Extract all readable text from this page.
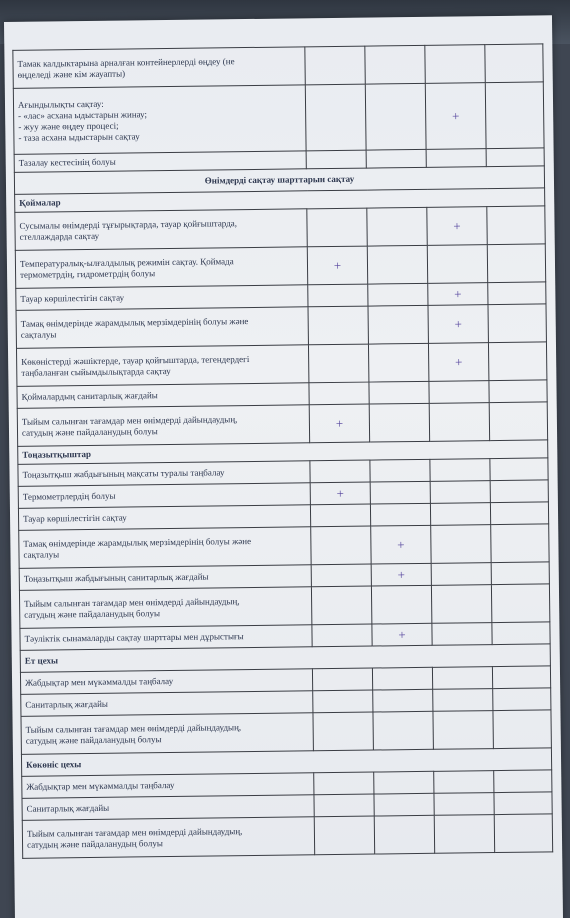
Тамак калдыктарына арналған контейнерлерді өңдеу (не
өңделеді және кім жауапты)				
Ағындылықты сақтау:
- «лас» асхана ыдыстарын жинау;
- жуу және өңдеу процесі;
- таза асхана ыдыстарын сақтау			+	
Тазалау кестесінің болуы				
Өнімдерді сақтау шарттарын сақтау				
Қоймалар				
Сусымалы өнімдерді тұғырықтарда, тауар қойғыштарда,
стеллаждарда сақтау			+	
Температуралық-ылғалдылық режимін сақтау. Қоймада
термометрдің, гидрометрдің болуы	+			
Тауар көршілестігін сақтау			+	
Тамақ өнімдерінде жарамдылық мерзімдерінің болуы және
сақталуы			+	
Көкөністерді жәшіктерде, тауар қойғыштарда, тегендердегі
таңбаланған сыйымдылықтарда сақтау			+	
Қоймалардың санитарлық жағдайы				
Тыйым салынған тағамдар мен өнімдерді дайындаудың,
сатудың және пайдаланудың болуы	+			
Тоңазытқыштар				
Тоңазытқыш жабдығының мақсаты туралы таңбалау				
Термометрлердің болуы	+			
Тауар көршілестігін сақтау				
Тамақ өнімдерінде жарамдылық мерзімдерінің болуы және
сақталуы		+		
Тоңазытқыш жабдығының санитарлық жағдайы		+		
Тыйым салынған тағамдар мен өнімдерді дайындаудың,
сатудың және пайдаланудың болуы				
Тәуліктік сынамаларды сақтау шарттары мен дұрыстығы		+		
Ет цехы				
Жабдықтар мен мүкәммалды таңбалау				
Санитарлық жағдайы				
Тыйым салынған тағамдар мен өнімдерді дайындаудың,
сатудың және пайдаланудың болуы				
Көкөніс цехы				
Жабдықтар мен мүкәммалды таңбалау				
Санитарлық жағдайы				
Тыйым салынған тағамдар мен өнімдерді дайындаудың,
сатудың және пайдаланудың болуы				
